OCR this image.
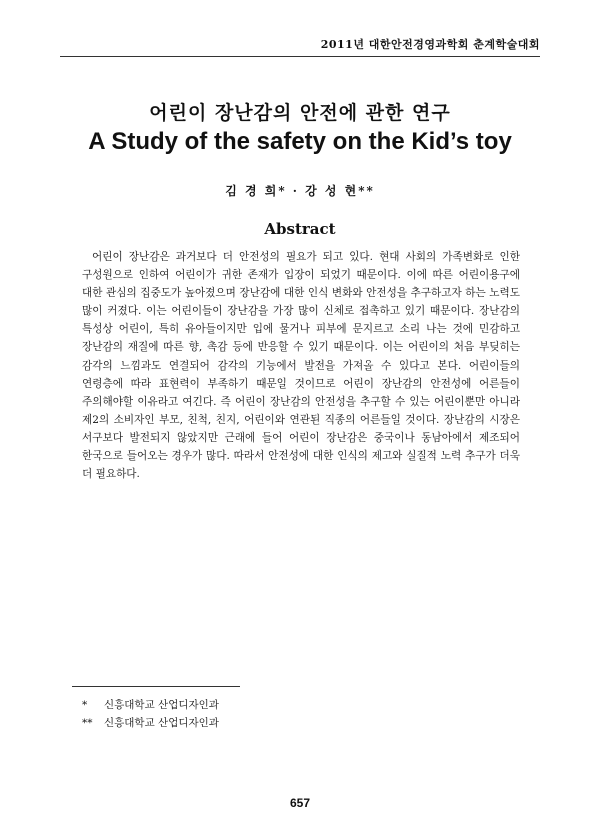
2011년 대한안전경영과학회 춘계학술대회
어린이 장난감의 안전에 관한 연구
A Study of the safety on the Kid’s toy
김 경 희* · 강 성 현**
Abstract

어린이 장난감은 과거보다 더 안전성의 필요가 되고 있다. 현대 사회의 가족변화로 인한 구성원으로 인하여 어린이가 귀한 존재가 입장이 되었기 때문이다. 이에 따른 어린이용구에 대한 관심의 집중도가 높아졌으며 장난감에 대한 인식 변화와 안전성을 추구하고자 하는 노력도 많이 커졌다. 이는 어린이들이 장난감을 가장 많이 신체로 접촉하고 있기 때문이다. 장난감의 특성상 어린이, 특히 유아들이지만 입에 물거나 피부에 문지르고 소리 나는 것에 민감하고 장난감의 재질에 따른 향, 촉감 등에 반응할 수 있기 때문이다. 이는 어린이의 처음 부딪히는 감각의 느낌과도 연결되어 감각의 기능에서 발전을 가져올 수 있다고 본다. 어린이들의 연령층에 따라 표현력이 부족하기 때문일 것이므로 어린이 장난감의 안전성에 어른들이 주의해야할 이유라고 여긴다. 즉 어린이 장난감의 안전성을 추구할 수 있는 어린이뿐만 아니라 제2의 소비자인 부모, 친척, 친지, 어린이와 연관된 직종의 어른들일 것이다. 장난감의 시장은 서구보다 발전되지 않았지만 근래에 들어 어린이 장난감은 중국이나 동남아에서 제조되어 한국으로 들어오는 경우가 많다. 따라서 안전성에 대한 인식의 제고와 실질적 노력 추구가 더욱 더 필요하다.

* 신흥대학교 산업디자인과
** 신흥대학교 산업디자인과
657
